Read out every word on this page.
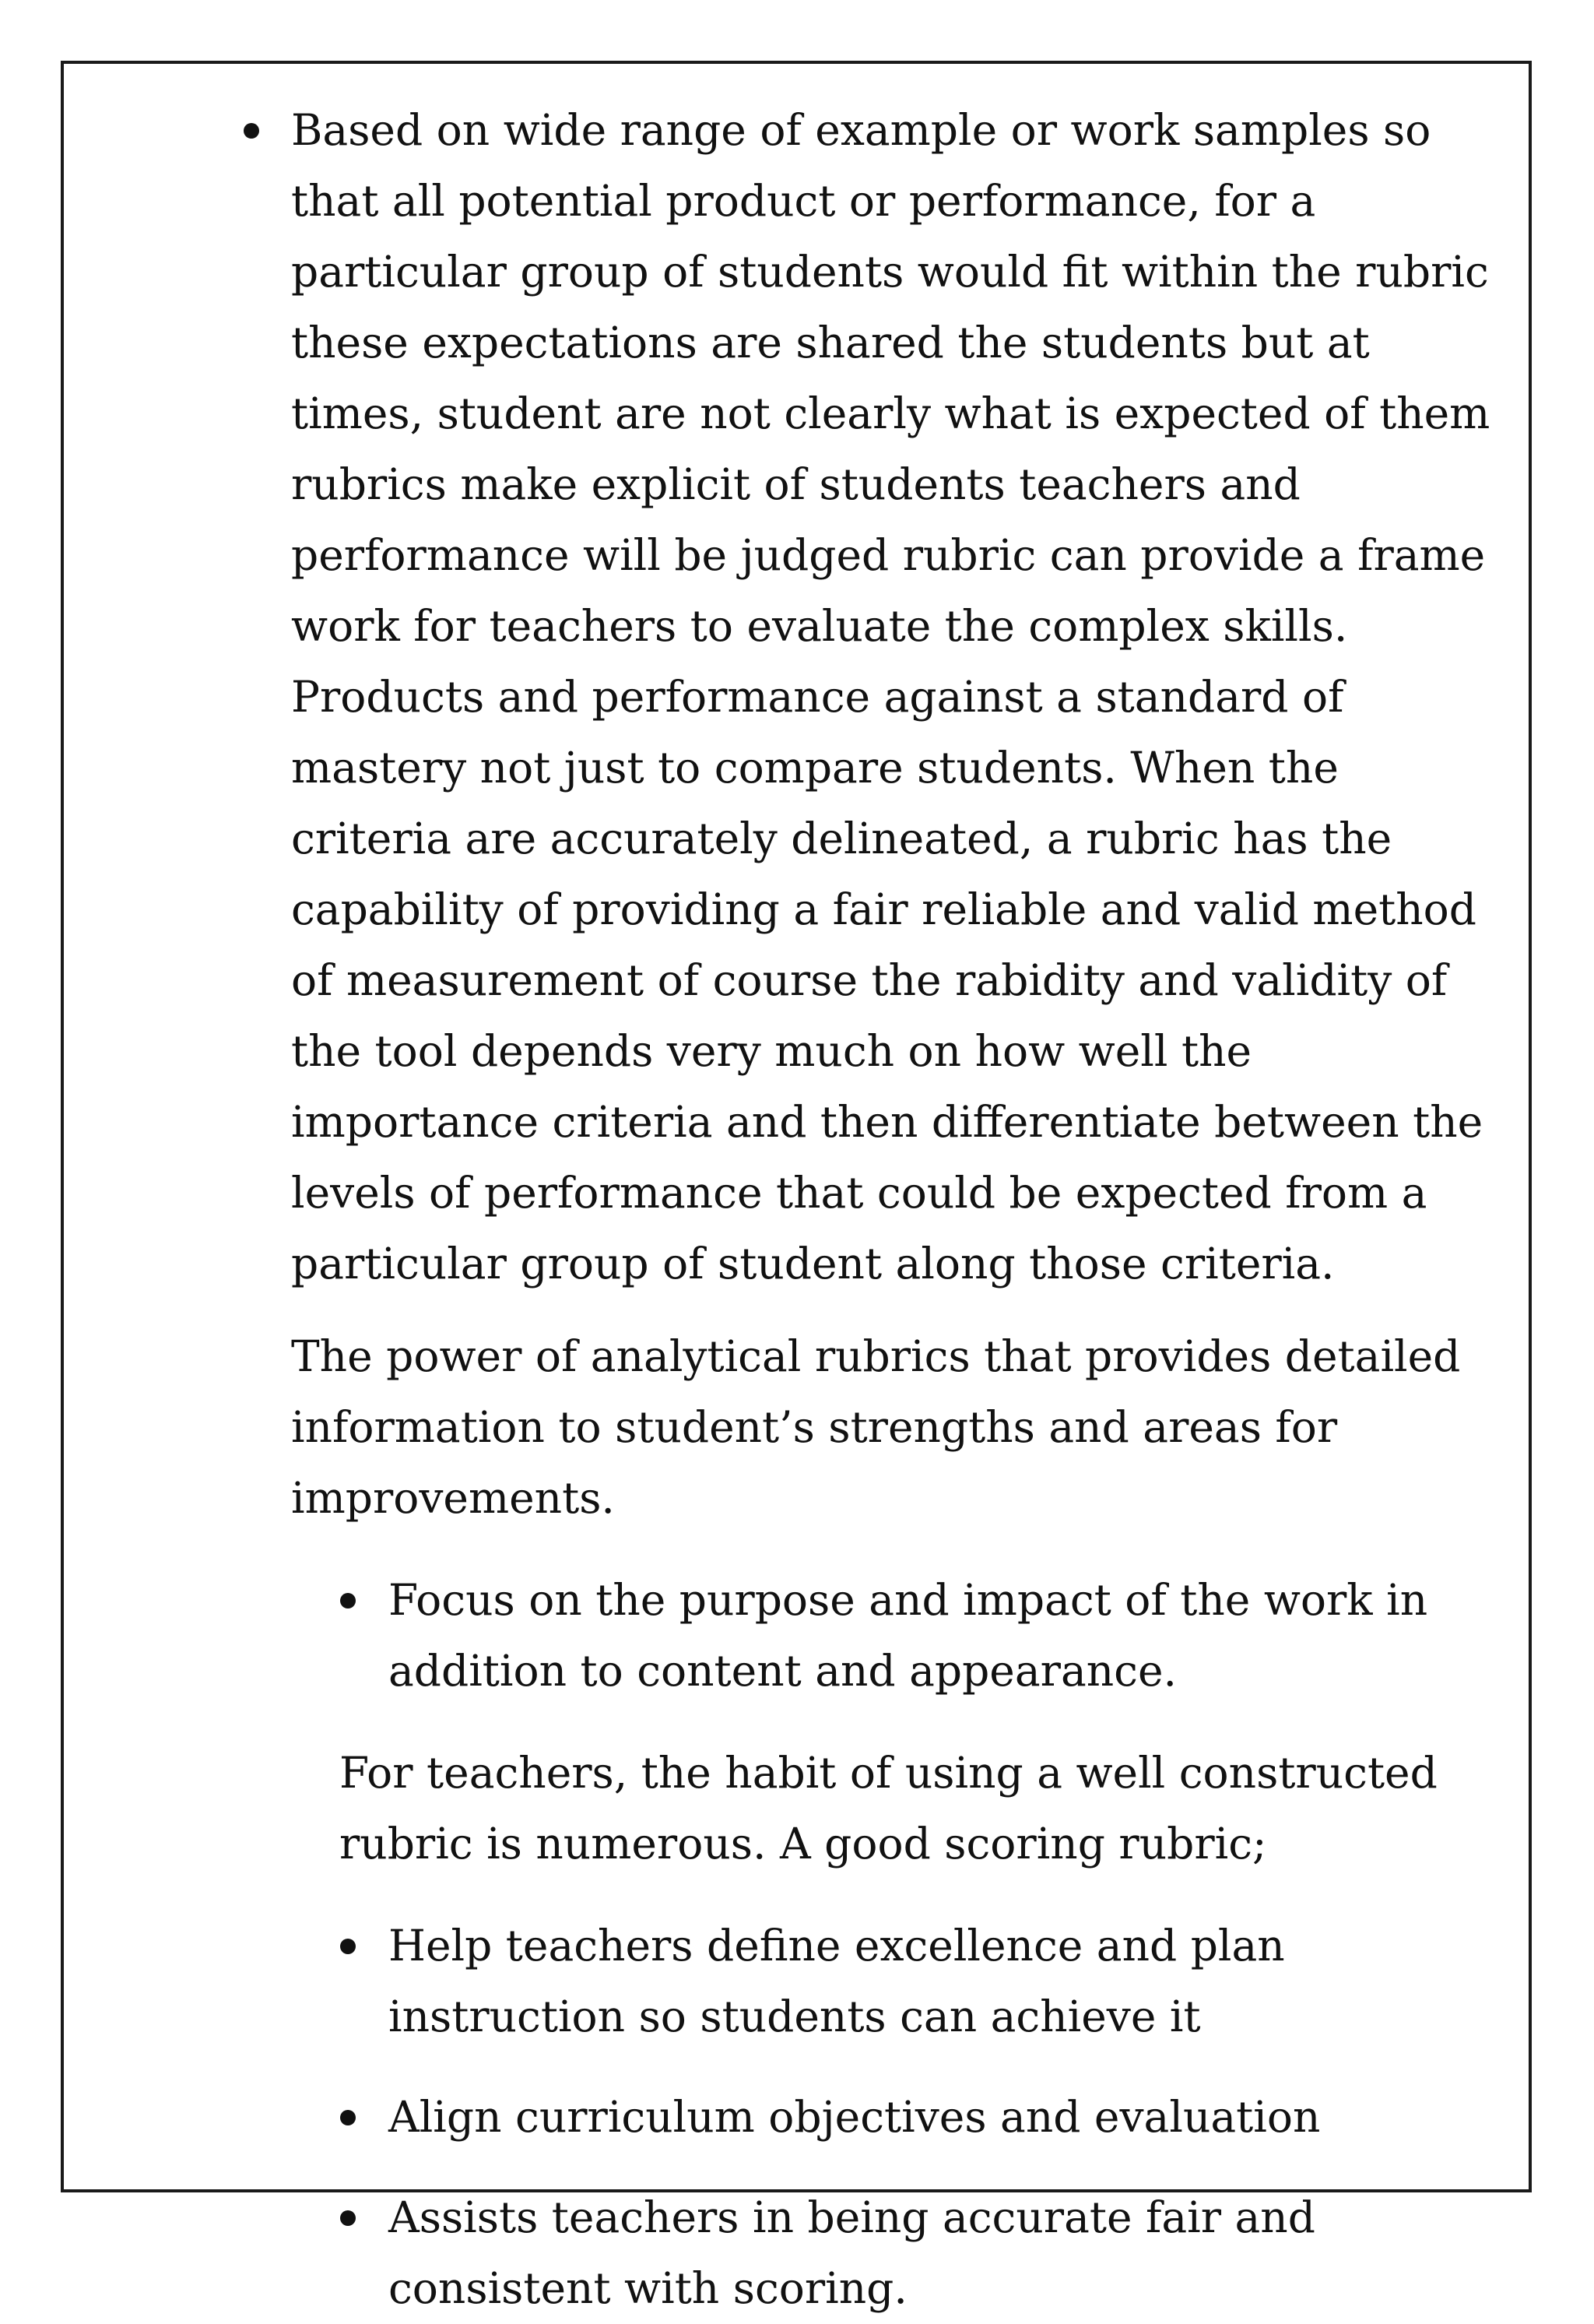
Based on wide range of example or work samples so that all potential product or performance, for a particular group of students would fit within the rubric these expectations are shared the students but at times, student are not clearly what is expected of them rubrics make explicit of students teachers and performance will be judged rubric can provide a frame work for teachers to evaluate the complex skills. Products and performance against a standard of mastery not just to compare students. When the criteria are accurately delineated, a rubric has the capability of providing a fair reliable and valid method of measurement of course the rabidity and validity of the tool depends very much on how well the importance criteria and then differentiate between the levels of performance that could be expected from a particular group of student along those criteria.

The power of analytical rubrics that provides detailed information to student’s strengths and areas for improvements.

Focus on the purpose and impact of the work in addition to content and appearance.

For teachers, the habit of using a well constructed rubric is numerous. A good scoring rubric;

Help teachers define excellence and plan instruction so students can achieve it
Align curriculum objectives and evaluation
Assists teachers in being accurate fair and consistent with scoring.
